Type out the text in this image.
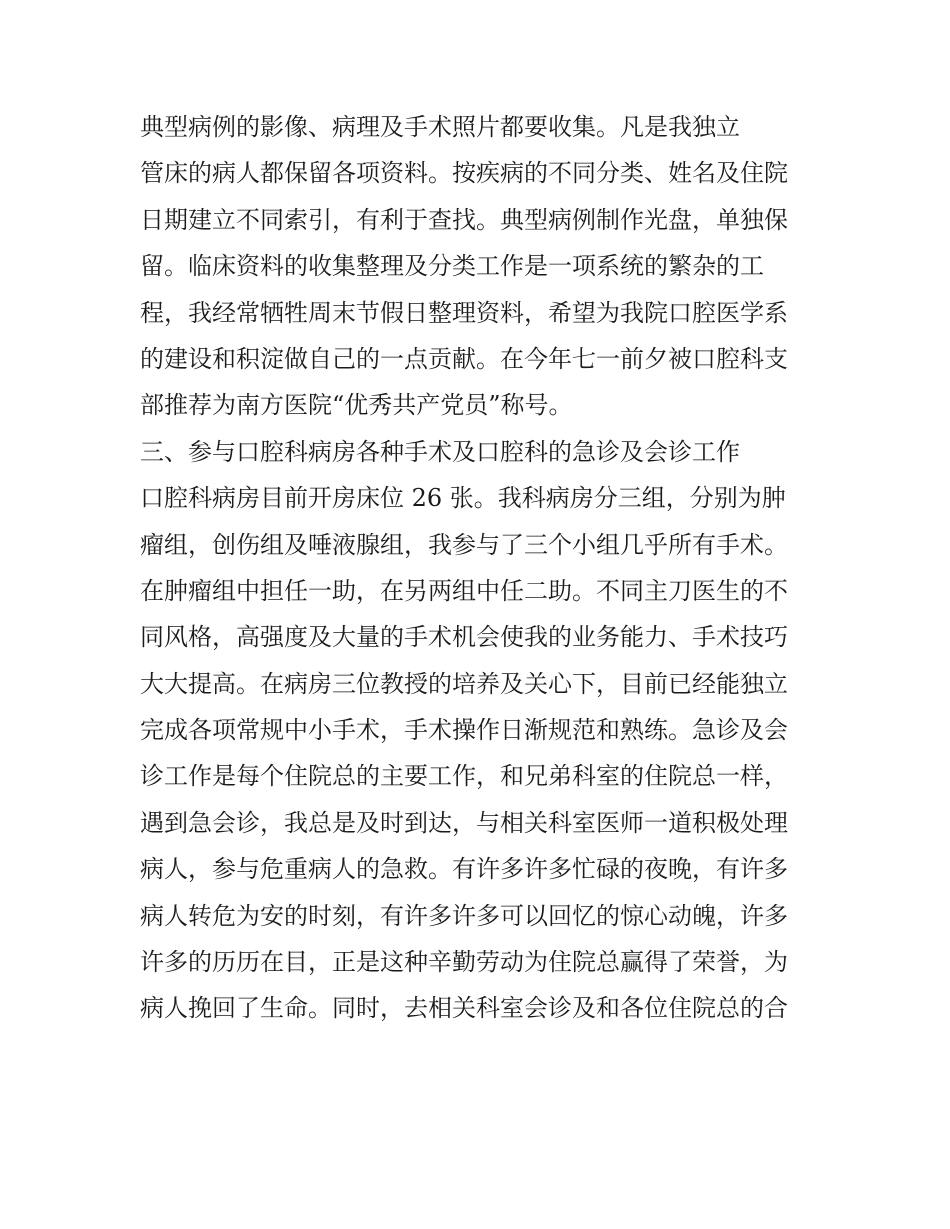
典型病例的影像、病理及手术照片都要收集。凡是我独立
管床的病人都保留各项资料。按疾病的不同分类、姓名及住院
日期建立不同索引，有利于查找。典型病例制作光盘，单独保
留。临床资料的收集整理及分类工作是一项系统的繁杂的工
程，我经常牺牲周末节假日整理资料，希望为我院口腔医学系
的建设和积淀做自己的一点贡献。在今年七一前夕被口腔科支
部推荐为南方医院“优秀共产党员”称号。
三、参与口腔科病房各种手术及口腔科的急诊及会诊工作
口腔科病房目前开房床位 26 张。我科病房分三组，分别为肿
瘤组，创伤组及唾液腺组，我参与了三个小组几乎所有手术。
在肿瘤组中担任一助，在另两组中任二助。不同主刀医生的不
同风格，高强度及大量的手术机会使我的业务能力、手术技巧
大大提高。在病房三位教授的培养及关心下，目前已经能独立
完成各项常规中小手术，手术操作日渐规范和熟练。急诊及会
诊工作是每个住院总的主要工作，和兄弟科室的住院总一样，
遇到急会诊，我总是及时到达，与相关科室医师一道积极处理
病人，参与危重病人的急救。有许多许多忙碌的夜晚，有许多
病人转危为安的时刻，有许多许多可以回忆的惊心动魄，许多
许多的历历在目，正是这种辛勤劳动为住院总赢得了荣誉，为
病人挽回了生命。同时，去相关科室会诊及和各位住院总的合
